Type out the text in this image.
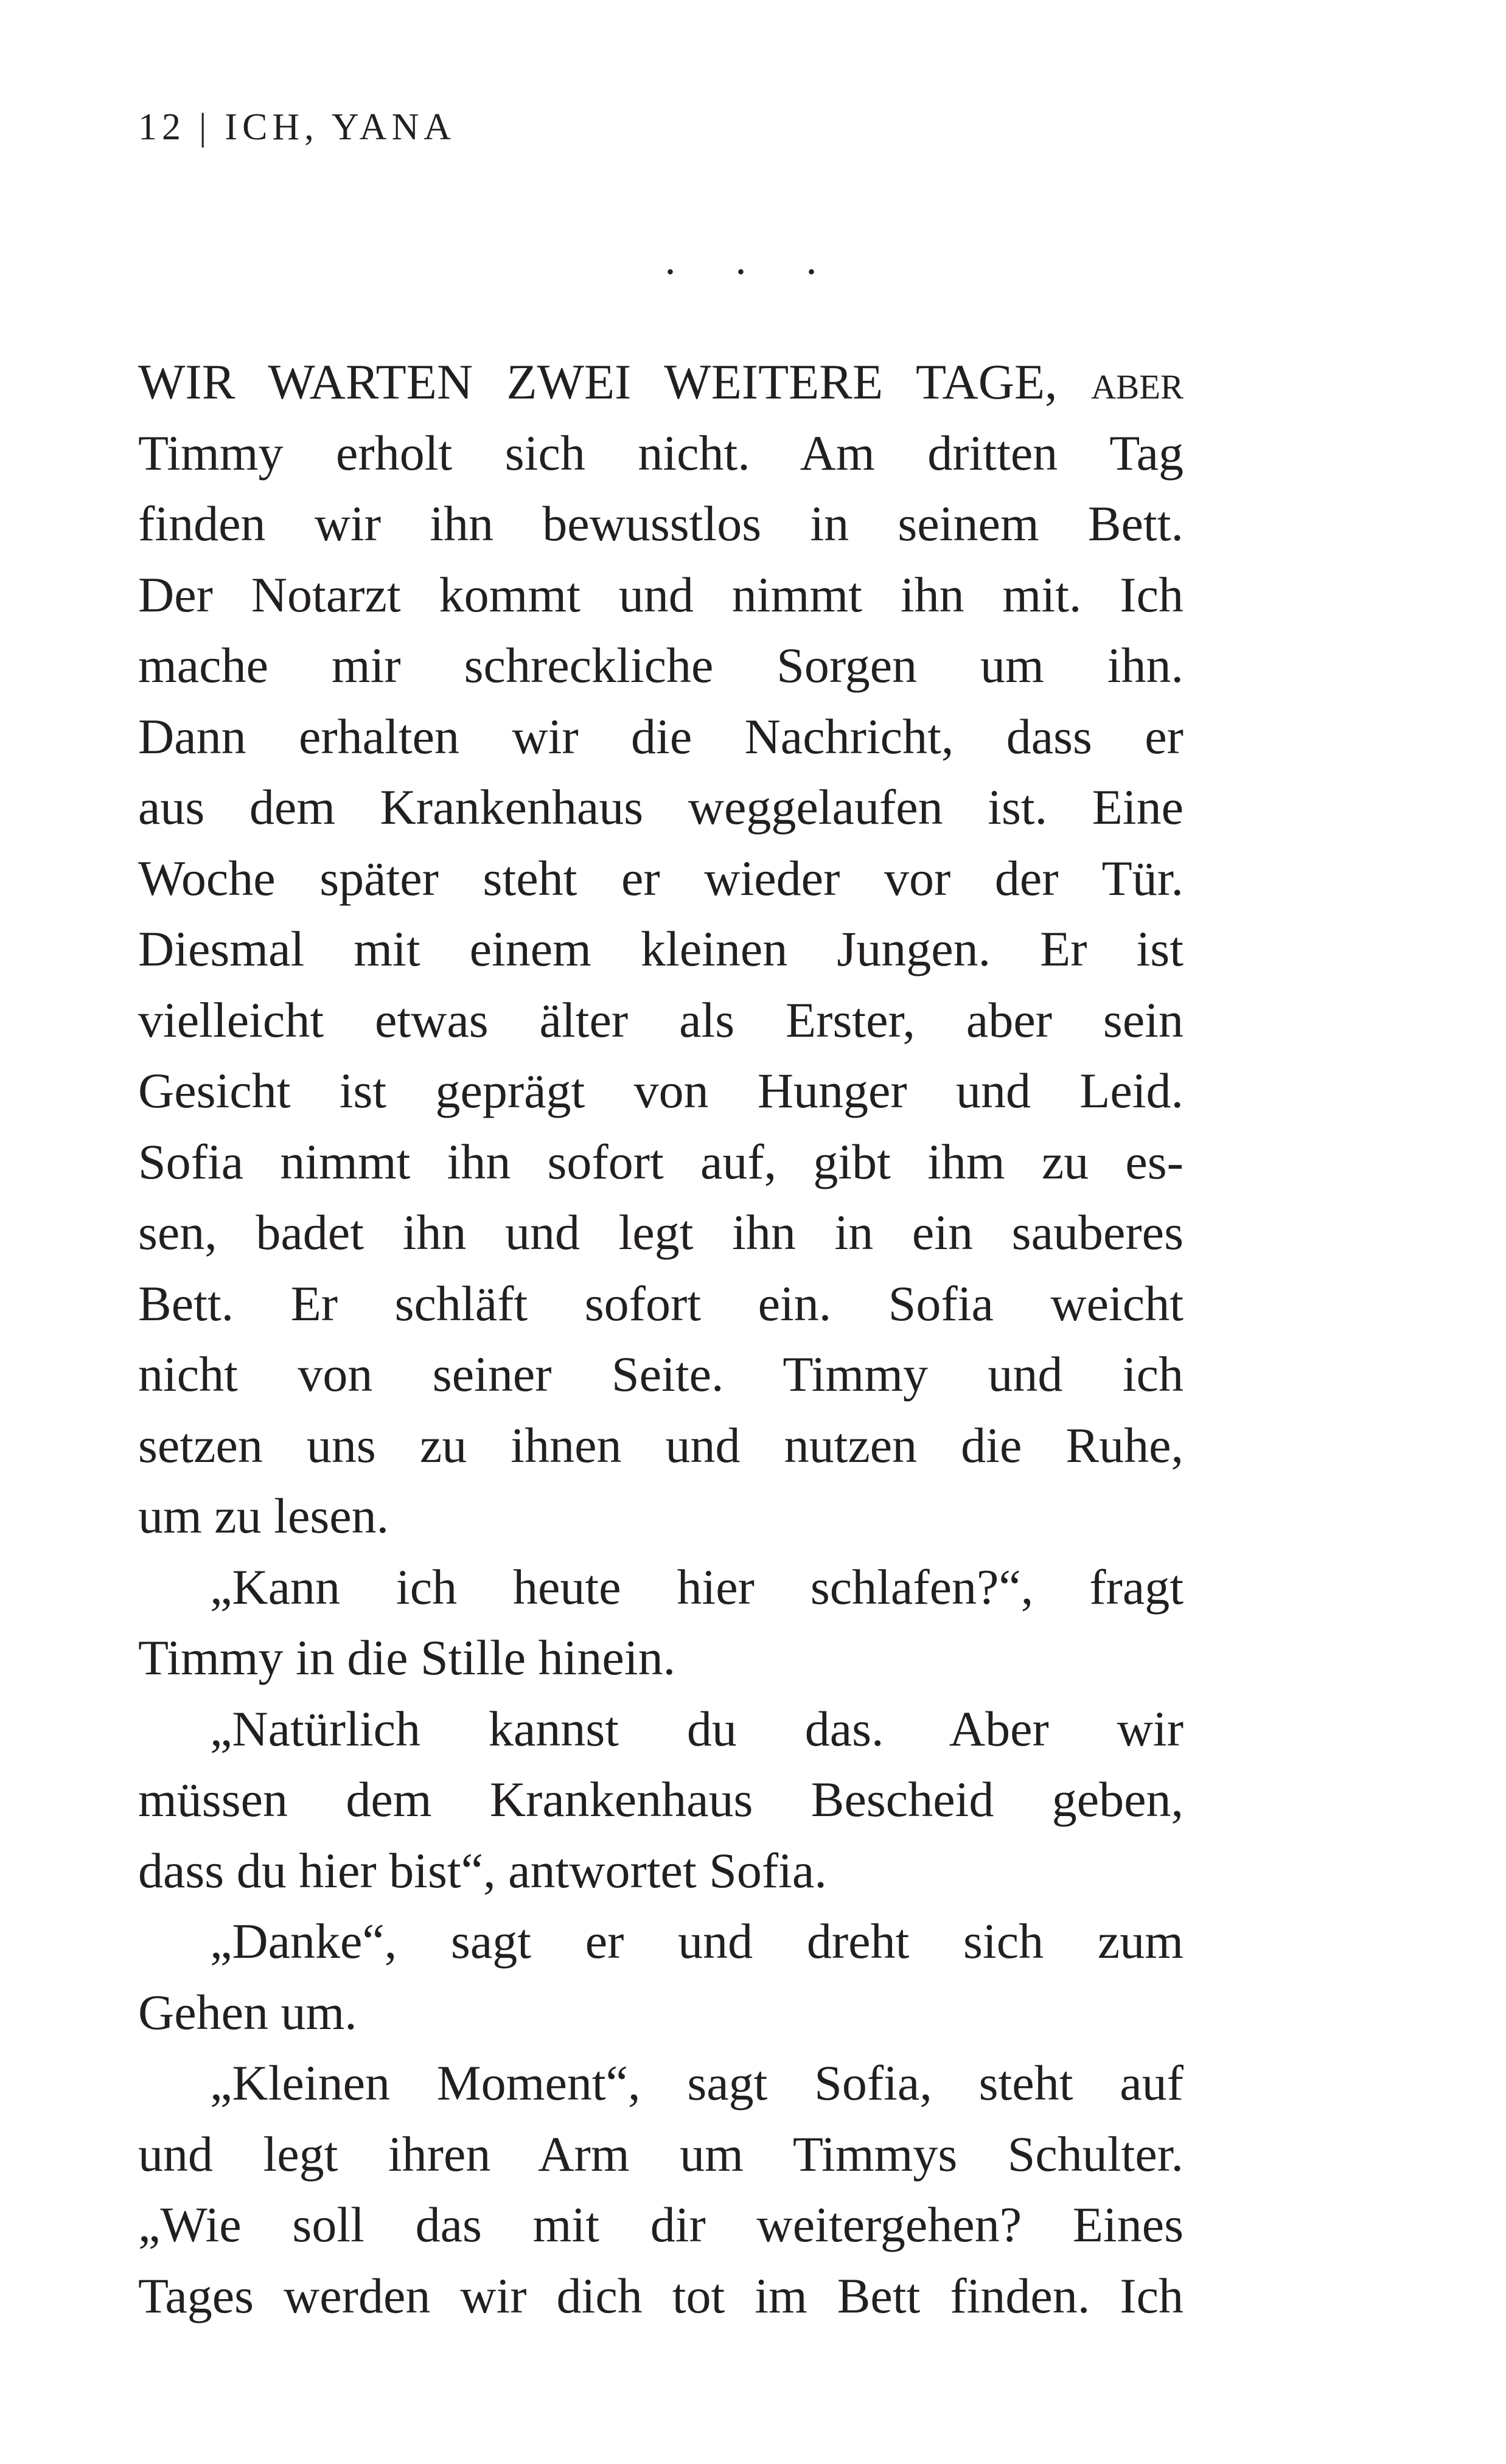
12 | ICH, YANA
. . .
WIR WARTEN ZWEI WEITERE TAGE, aber
Timmy erholt sich nicht. Am dritten Tag
finden wir ihn bewusstlos in seinem Bett.
Der Notarzt kommt und nimmt ihn mit. Ich
mache mir schreckliche Sorgen um ihn.
Dann erhalten wir die Nachricht, dass er
aus dem Krankenhaus weggelaufen ist. Eine
Woche später steht er wieder vor der Tür.
Diesmal mit einem kleinen Jungen. Er ist
vielleicht etwas älter als Erster, aber sein
Gesicht ist geprägt von Hunger und Leid.
Sofia nimmt ihn sofort auf, gibt ihm zu es-
sen, badet ihn und legt ihn in ein sauberes
Bett. Er schläft sofort ein. Sofia weicht
nicht von seiner Seite. Timmy und ich
setzen uns zu ihnen und nutzen die Ruhe,
um zu lesen.
„Kann ich heute hier schlafen?“, fragt
Timmy in die Stille hinein.
„Natürlich kannst du das. Aber wir
müssen dem Krankenhaus Bescheid geben,
dass du hier bist“, antwortet Sofia.
„Danke“, sagt er und dreht sich zum
Gehen um.
„Kleinen Moment“, sagt Sofia, steht auf
und legt ihren Arm um Timmys Schulter.
„Wie soll das mit dir weitergehen? Eines
Tages werden wir dich tot im Bett finden. Ich
